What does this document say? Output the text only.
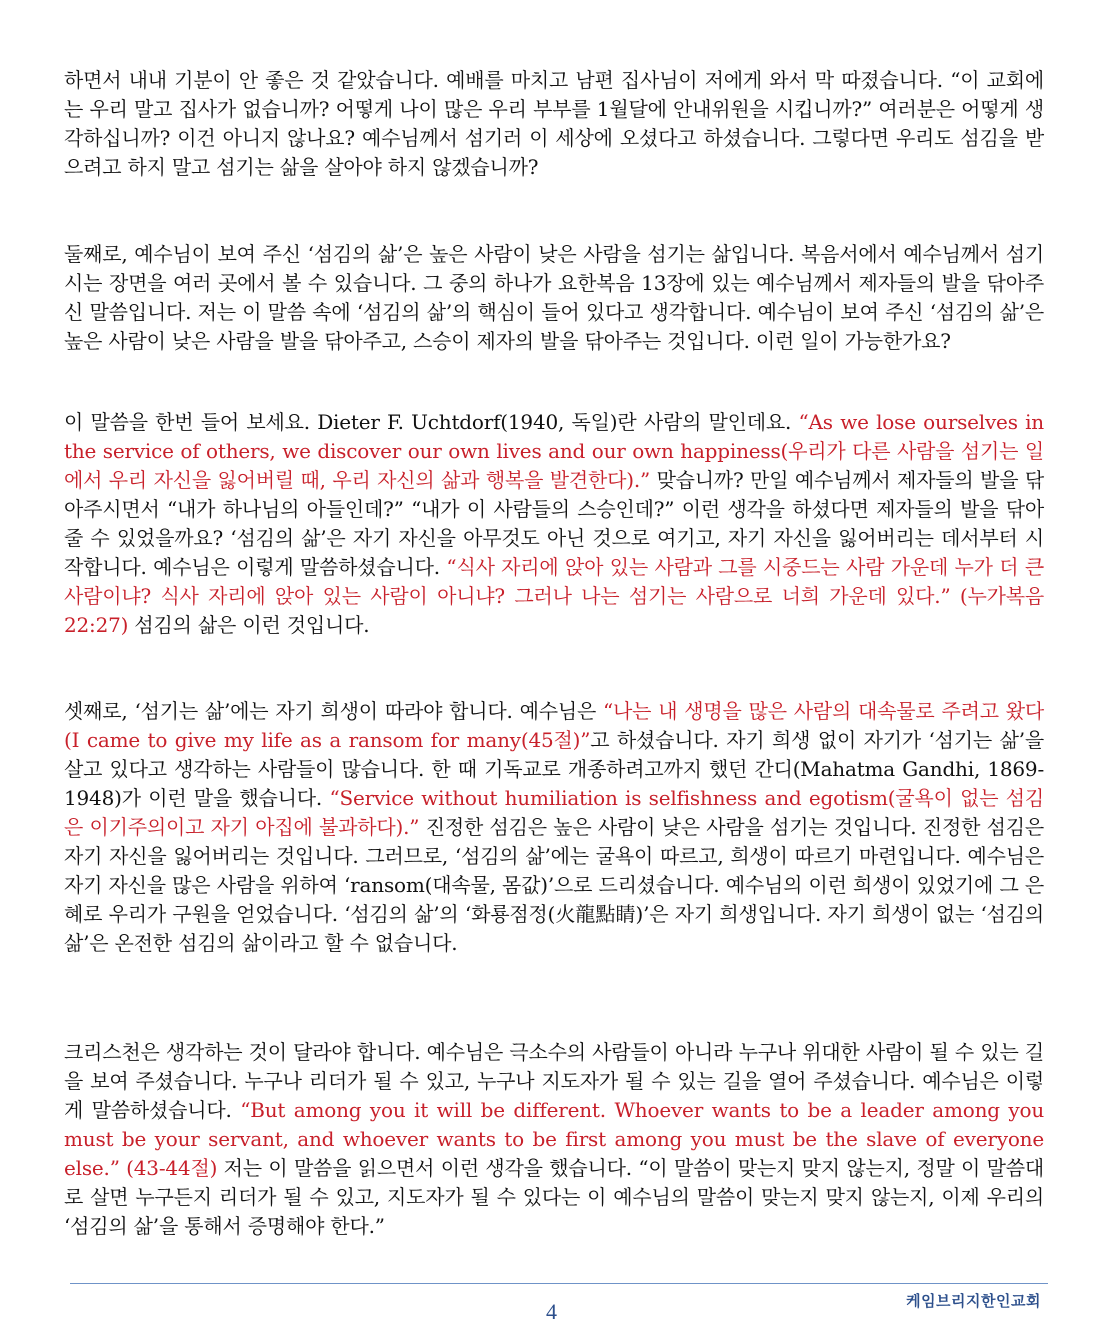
하면서 내내 기분이 안 좋은 것 같았습니다. 예배를 마치고 남편 집사님이 저에게 와서 막 따졌습니다. “이 교회에는 우리 말고 집사가 없습니까? 어떻게 나이 많은 우리 부부를 1월달에 안내위원을 시킵니까?” 여러분은 어떻게 생각하십니까? 이건 아니지 않나요? 예수님께서 섬기러 이 세상에 오셨다고 하셨습니다. 그렇다면 우리도 섬김을 받으려고 하지 말고 섬기는 삶을 살아야 하지 않겠습니까?

둘째로, 예수님이 보여 주신 ‘섬김의 삶’은 높은 사람이 낮은 사람을 섬기는 삶입니다. 복음서에서 예수님께서 섬기시는 장면을 여러 곳에서 볼 수 있습니다. 그 중의 하나가 요한복음 13장에 있는 예수님께서 제자들의 발을 닦아주신 말씀입니다. 저는 이 말씀 속에 ‘섬김의 삶’의 핵심이 들어 있다고 생각합니다. 예수님이 보여 주신 ‘섬김의 삶’은 높은 사람이 낮은 사람을 발을 닦아주고, 스승이 제자의 발을 닦아주는 것입니다. 이런 일이 가능한가요?

이 말씀을 한번 들어 보세요. Dieter F. Uchtdorf(1940, 독일)란 사람의 말인데요. “As we lose ourselves in the service of others, we discover our own lives and our own happiness(우리가 다른 사람을 섬기는 일에서 우리 자신을 잃어버릴 때, 우리 자신의 삶과 행복을 발견한다).” 맞습니까? 만일 예수님께서 제자들의 발을 닦아주시면서 “내가 하나님의 아들인데?” “내가 이 사람들의 스승인데?” 이런 생각을 하셨다면 제자들의 발을 닦아줄 수 있었을까요? ‘섬김의 삶’은 자기 자신을 아무것도 아닌 것으로 여기고, 자기 자신을 잃어버리는 데서부터 시작합니다. 예수님은 이렇게 말씀하셨습니다. “식사 자리에 앉아 있는 사람과 그를 시중드는 사람 가운데 누가 더 큰 사람이냐? 식사 자리에 앉아 있는 사람이 아니냐? 그러나 나는 섬기는 사람으로 너희 가운데 있다.” (누가복음 22:27) 섬김의 삶은 이런 것입니다.

셋째로, ‘섬기는 삶’에는 자기 희생이 따라야 합니다. 예수님은 “나는 내 생명을 많은 사람의 대속물로 주려고 왔다(I came to give my life as a ransom for many(45절)”고 하셨습니다. 자기 희생 없이 자기가 ‘섬기는 삶’을 살고 있다고 생각하는 사람들이 많습니다. 한 때 기독교로 개종하려고까지 했던 간디(Mahatma Gandhi, 1869-1948)가 이런 말을 했습니다. “Service without humiliation is selfishness and egotism(굴욕이 없는 섬김은 이기주의이고 자기 아집에 불과하다).” 진정한 섬김은 높은 사람이 낮은 사람을 섬기는 것입니다. 진정한 섬김은 자기 자신을 잃어버리는 것입니다. 그러므로, ‘섬김의 삶’에는 굴욕이 따르고, 희생이 따르기 마련입니다. 예수님은 자기 자신을 많은 사람을 위하여 ‘ransom(대속물, 몸값)’으로 드리셨습니다. 예수님의 이런 희생이 있었기에 그 은혜로 우리가 구원을 얻었습니다. ‘섬김의 삶’의 ‘화룡점정(火龍點睛)’은 자기 희생입니다. 자기 희생이 없는 ‘섬김의 삶’은 온전한 섬김의 삶이라고 할 수 없습니다.

크리스천은 생각하는 것이 달라야 합니다. 예수님은 극소수의 사람들이 아니라 누구나 위대한 사람이 될 수 있는 길을 보여 주셨습니다. 누구나 리더가 될 수 있고, 누구나 지도자가 될 수 있는 길을 열어 주셨습니다. 예수님은 이렇게 말씀하셨습니다. “But among you it will be different. Whoever wants to be a leader among you must be your servant, and whoever wants to be first among you must be the slave of everyone else.” (43-44절) 저는 이 말씀을 읽으면서 이런 생각을 했습니다. “이 말씀이 맞는지 맞지 않는지, 정말 이 말씀대로 살면 누구든지 리더가 될 수 있고, 지도자가 될 수 있다는 이 예수님의 말씀이 맞는지 맞지 않는지, 이제 우리의 ‘섬김의 삶’을 통해서 증명해야 한다.”

4	케임브리지한인교회
